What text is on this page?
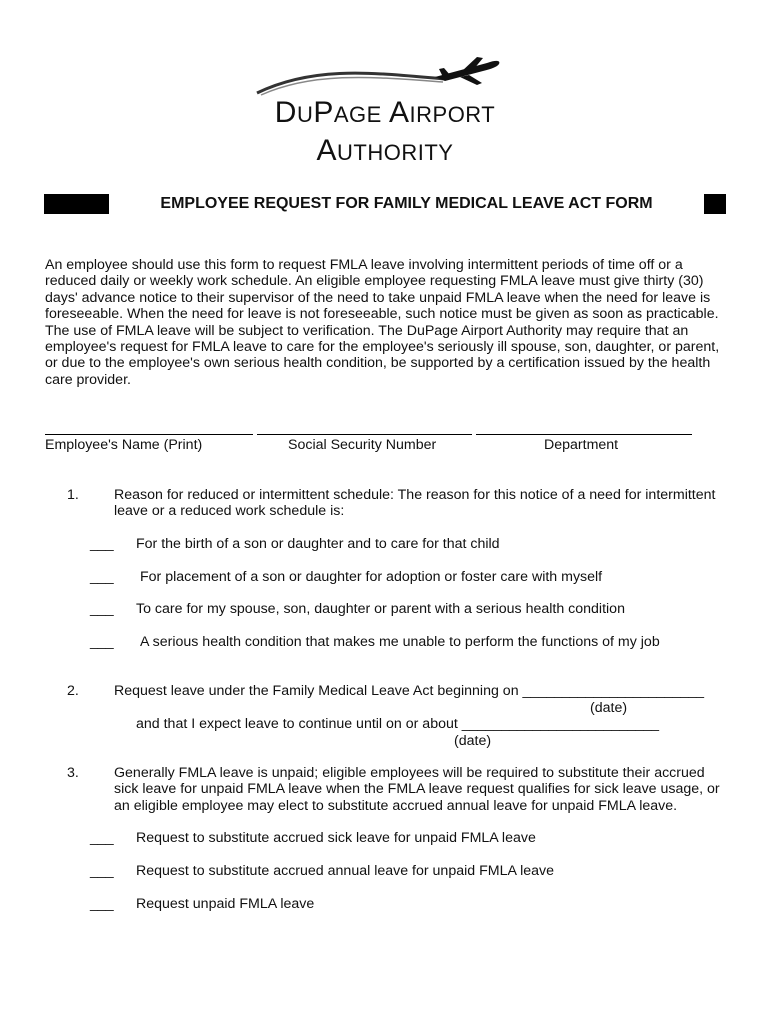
DUPAGE AIRPORT
AUTHORITY
EMPLOYEE REQUEST FOR FAMILY MEDICAL LEAVE ACT FORM
An employee should use this form to request FMLA leave involving intermittent periods of time off or a reduced daily or weekly work schedule. An eligible employee requesting FMLA leave must give thirty (30) days' advance notice to their supervisor of the need to take unpaid FMLA leave when the need for leave is foreseeable. When the need for leave is not foreseeable, such notice must be given as soon as practicable. The use of FMLA leave will be subject to verification. The DuPage Airport Authority may require that an employee's request for FMLA leave to care for the employee's seriously ill spouse, son, daughter, or parent, or due to the employee's own serious health condition, be supported by a certification issued by the health care provider.
Employee's Name (Print)	Social Security Number	Department
1. Reason for reduced or intermittent schedule: The reason for this notice of a need for intermittent leave or a reduced work schedule is:
___ For the birth of a son or daughter and to care for that child
___ For placement of a son or daughter for adoption or foster care with myself
___ To care for my spouse, son, daughter or parent with a serious health condition
___ A serious health condition that makes me unable to perform the functions of my job
2. Request leave under the Family Medical Leave Act beginning on _______________________
(date)
and that I expect leave to continue until on or about _________________________
(date)
3. Generally FMLA leave is unpaid; eligible employees will be required to substitute their accrued sick leave for unpaid FMLA leave when the FMLA leave request qualifies for sick leave usage, or an eligible employee may elect to substitute accrued annual leave for unpaid FMLA leave.
___ Request to substitute accrued sick leave for unpaid FMLA leave
___ Request to substitute accrued annual leave for unpaid FMLA leave
___ Request unpaid FMLA leave
